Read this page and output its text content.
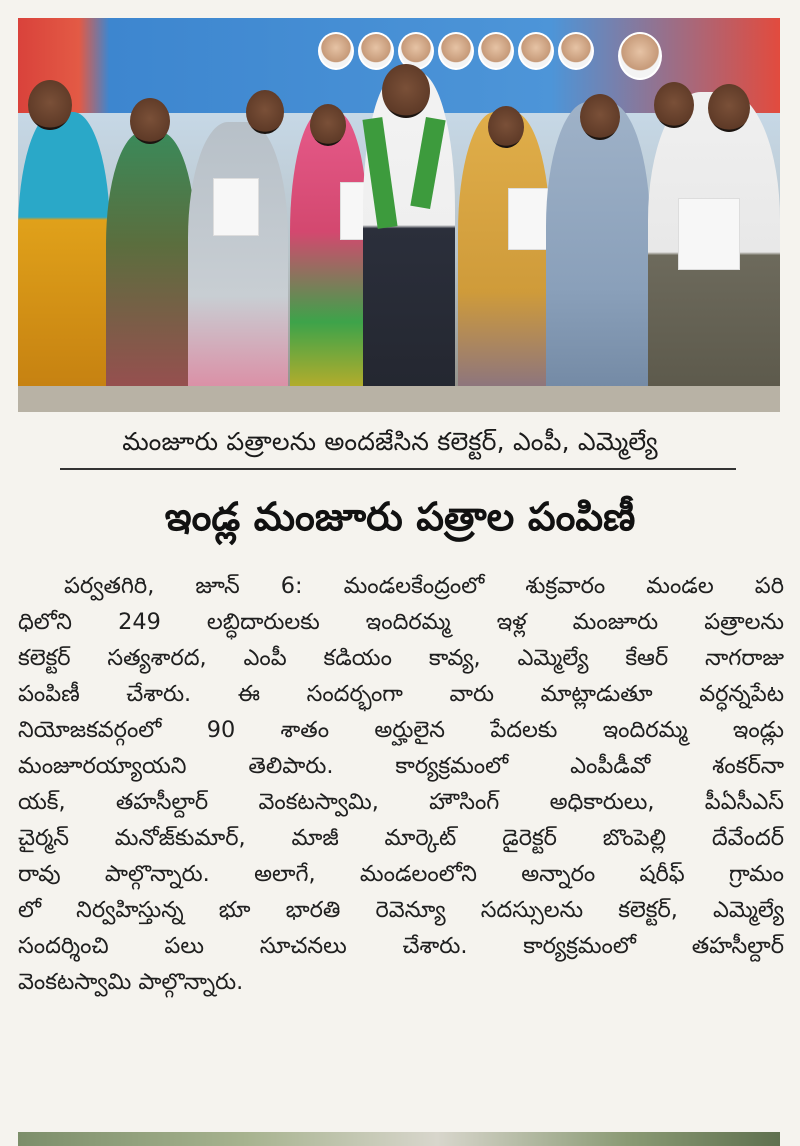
మంజూరు పత్రాలను అందజేసిన కలెక్టర్, ఎంపీ, ఎమ్మెల్యే
ఇండ్ల మంజూరు పత్రాల పంపిణీ
పర్వతగిరి, జూన్ 6: మండలకేంద్రంలో శుక్రవారం మండల పరి
ధిలోని 249 లబ్ధిదారులకు ఇందిరమ్మ ఇళ్ల మంజూరు పత్రాలను
కలెక్టర్ సత్యశారద, ఎంపీ కడియం కావ్య, ఎమ్మెల్యే కేఆర్ నాగరాజు
పంపిణీ చేశారు. ఈ సందర్భంగా వారు మాట్లాడుతూ వర్ధన్నపేట
నియోజకవర్గంలో 90 శాతం అర్హులైన పేదలకు ఇందిరమ్మ ఇండ్లు
మంజూరయ్యాయని తెలిపారు. కార్యక్రమంలో ఎంపీడీవో శంకర్‌నా
యక్, తహసీల్దార్ వెంకటస్వామి, హౌసింగ్ అధికారులు, పీఏసీఎస్
చైర్మన్ మనోజ్‌కుమార్, మాజీ మార్కెట్ డైరెక్టర్ బొంపెల్లి దేవేందర్
రావు పాల్గొన్నారు. అలాగే, మండలంలోని అన్నారం షరీఫ్ గ్రామం
లో నిర్వహిస్తున్న భూ భారతి రెవెన్యూ సదస్సులను కలెక్టర్, ఎమ్మెల్యే
సందర్శించి పలు సూచనలు చేశారు. కార్యక్రమంలో తహసీల్దార్
వెంకటస్వామి పాల్గొన్నారు.
